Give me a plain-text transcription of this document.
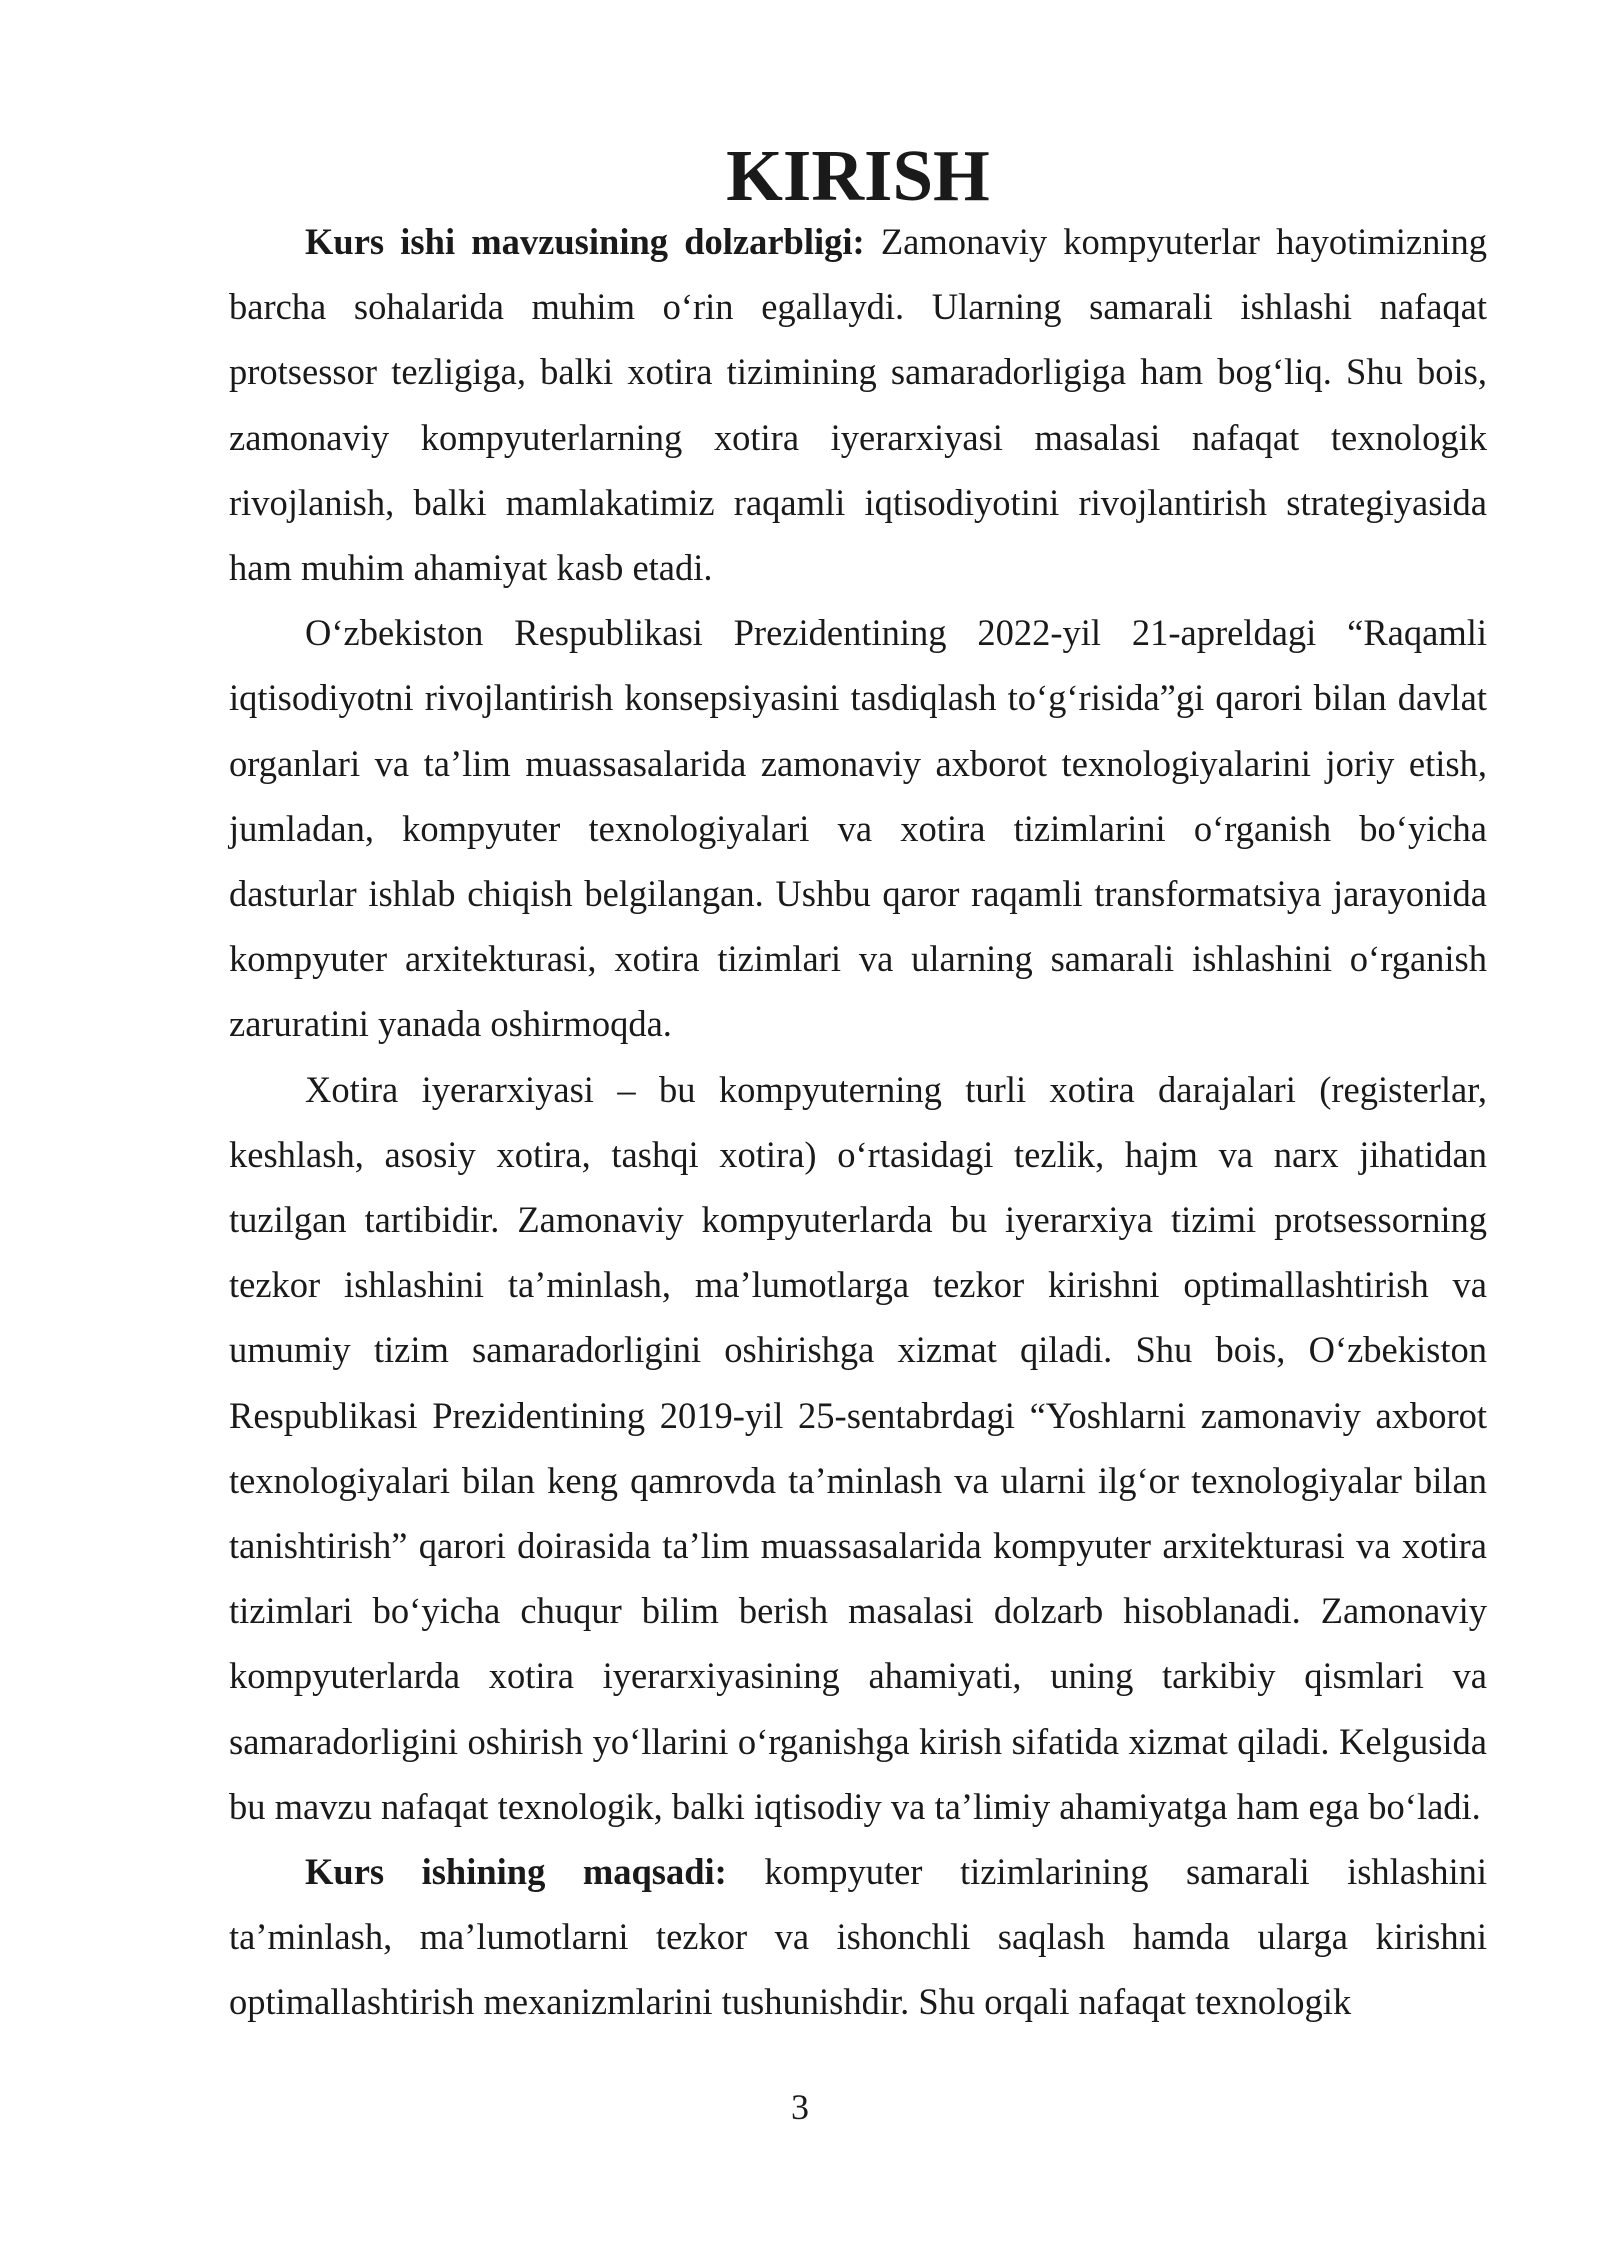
KIRISH

Kurs ishi mavzusining dolzarbligi: Zamonaviy kompyuterlar hayotimizning barcha sohalarida muhim o‘rin egallaydi. Ularning samarali ishlashi nafaqat protsessor tezligiga, balki xotira tizimining samaradorligiga ham bog‘liq. Shu bois, zamonaviy kompyuterlarning xotira iyerarxiyasi masalasi nafaqat texnologik rivojlanish, balki mamlakatimiz raqamli iqtisodiyotini rivojlantirish strategiyasida ham muhim ahamiyat kasb etadi.

O‘zbekiston Respublikasi Prezidentining 2022-yil 21-apreldagi “Raqamli iqtisodiyotni rivojlantirish konsepsiyasini tasdiqlash to‘g‘risida”gi qarori bilan davlat organlari va ta’lim muassasalarida zamonaviy axborot texnologiyalarini joriy etish, jumladan, kompyuter texnologiyalari va xotira tizimlarini o‘rganish bo‘yicha dasturlar ishlab chiqish belgilangan. Ushbu qaror raqamli transformatsiya jarayonida kompyuter arxitekturasi, xotira tizimlari va ularning samarali ishlashini o‘rganish zaruratini yanada oshirmoqda.

Xotira iyerarxiyasi – bu kompyuterning turli xotira darajalari (registerlar, keshlash, asosiy xotira, tashqi xotira) o‘rtasidagi tezlik, hajm va narx jihatidan tuzilgan tartibidir. Zamonaviy kompyuterlarda bu iyerarxiya tizimi protsessorning tezkor ishlashini ta’minlash, ma’lumotlarga tezkor kirishni optimallashtirish va umumiy tizim samaradorligini oshirishga xizmat qiladi. Shu bois, O‘zbekiston Respublikasi Prezidentining 2019-yil 25-sentabrdagi “Yoshlarni zamonaviy axborot texnologiyalari bilan keng qamrovda ta’minlash va ularni ilg‘or texnologiyalar bilan tanishtirish” qarori doirasida ta’lim muassasalarida kompyuter arxitekturasi va xotira tizimlari bo‘yicha chuqur bilim berish masalasi dolzarb hisoblanadi. Zamonaviy kompyuterlarda xotira iyerarxiyasining ahamiyati, uning tarkibiy qismlari va samaradorligini oshirish yo‘llarini o‘rganishga kirish sifatida xizmat qiladi. Kelgusida bu mavzu nafaqat texnologik, balki iqtisodiy va ta’limiy ahamiyatga ham ega bo‘ladi.

Kurs ishining maqsadi: kompyuter tizimlarining samarali ishlashini ta’minlash, ma’lumotlarni tezkor va ishonchli saqlash hamda ularga kirishni optimallashtirish mexanizmlarini tushunishdir. Shu orqali nafaqat texnologik

3
